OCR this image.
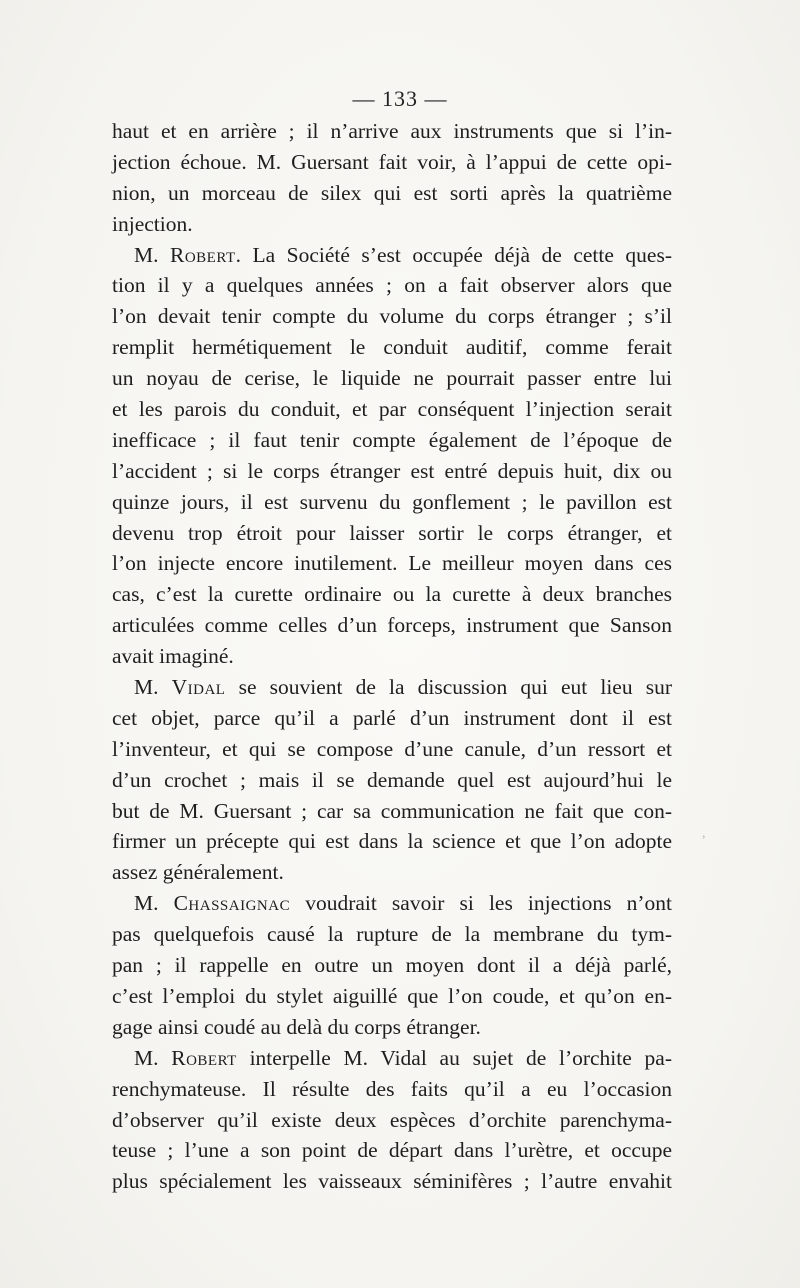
— 133 —
,
haut et en arrière ; il n’arrive aux instruments que si l’in-
jection échoue. M. Guersant fait voir, à l’appui de cette opi-
nion, un morceau de silex qui est sorti après la quatrième
injection.
M. Robert. La Société s’est occupée déjà de cette ques-
tion il y a quelques années ; on a fait observer alors que
l’on devait tenir compte du volume du corps étranger ; s’il
remplit hermétiquement le conduit auditif, comme ferait
un noyau de cerise, le liquide ne pourrait passer entre lui
et les parois du conduit, et par conséquent l’injection serait
inefficace ; il faut tenir compte également de l’époque de
l’accident ; si le corps étranger est entré depuis huit, dix ou
quinze jours, il est survenu du gonflement ; le pavillon est
devenu trop étroit pour laisser sortir le corps étranger, et
l’on injecte encore inutilement. Le meilleur moyen dans ces
cas, c’est la curette ordinaire ou la curette à deux branches
articulées comme celles d’un forceps, instrument que Sanson
avait imaginé.
M. Vidal se souvient de la discussion qui eut lieu sur
cet objet, parce qu’il a parlé d’un instrument dont il est
l’inventeur, et qui se compose d’une canule, d’un ressort et
d’un crochet ; mais il se demande quel est aujourd’hui le
but de M. Guersant ; car sa communication ne fait que con-
firmer un précepte qui est dans la science et que l’on adopte
assez généralement.
M. Chassaignac voudrait savoir si les injections n’ont
pas quelquefois causé la rupture de la membrane du tym-
pan ; il rappelle en outre un moyen dont il a déjà parlé,
c’est l’emploi du stylet aiguillé que l’on coude, et qu’on en-
gage ainsi coudé au delà du corps étranger.
M. Robert interpelle M. Vidal au sujet de l’orchite pa-
renchymateuse. Il résulte des faits qu’il a eu l’occasion
d’observer qu’il existe deux espèces d’orchite parenchyma-
teuse ; l’une a son point de départ dans l’urètre, et occupe
plus spécialement les vaisseaux séminifères ; l’autre envahit
